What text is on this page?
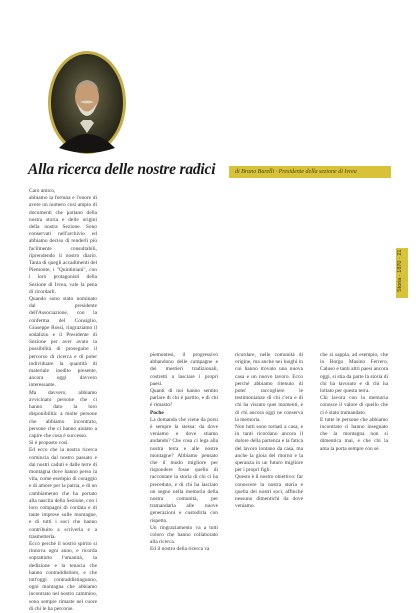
Alla ricerca delle nostre radici	di Bruno Barelli · Presidente della sezione di Ivrea
Storia · 1870 · 21

Caro amico,

abbiamo la fortuna e l'onore di avere un numero così ampio di documenti che parlano della nostra storia e delle origini della nostra Sezione. Sono conservati nell'archivio ed abbiamo deciso di renderli più facilmente consultabili, riprendendo il nostro diario. Tanta di quegli accadimenti del Piemonte, i "Quintiniani", con i loro protagonisti della Sezione di Ivrea, vale la pena di ricordarli.

Quando sono stato nominato dal presidente dell'Associazione, con la conferma del Consiglio, Giuseppe Rossi, ringraziamo il sodalizio e il Presidente di Sezione per aver avuto la possibilità di proseguire il percorso di ricerca e di poter individuare la quantità di materiale inedito presente, ancora oggi davvero interessante.

Ma davvero, abbiamo avvicinato persone che ci hanno dato la loro disponibilità: a molte persone che abbiamo incontrato, persone che ci hanno aiutato a capire che cosa è successo.

Si è proposto così.

Ed ecco che la nostra ricerca comincia dal nostro passato e dai nostri caduti e dalle terre di montagna dove hanno perso la vita, come esempio di coraggio e di amore per la patria, e di un cambiamento che ha portato alla nascita della Sezione, con i loro compagni di cordata e di tante imprese sulle montagne, e di tutti i soci che hanno contribuito a scriverla e a trasmetterla.

Ecco perché il nostro spirito si rinnova ogni anno, e ricorda soprattutto l'umanità, la dedizione e la tenacia che hanno contraddistinto, e che tutt'oggi contraddistinguono, ogni montagna che abbiamo incontrato nel nostro cammino, sono sempre rimaste nel cuore di chi le ha percorse.

piemontesi, il progressivo abbandono delle campagne e dei mestieri tradizionali, costretti a lasciare i propri paesi.

Quanti di noi hanno sentito parlare di chi è partito, e di chi è rimasto?

Poche

La domanda che viene da porsi è sempre la stessa: da dove veniamo e dove stiamo andando? Che cosa ci lega alla nostra terra e alle nostre montagne? Abbiamo pensato che il modo migliore per rispondere fosse quello di raccontare la storia di chi ci ha preceduto, e di chi ha lasciato un segno nella memoria della nostra comunità, per tramandarla alle nuove generazioni e custodirla con rispetto.

Un ringraziamento va a tutti coloro che hanno collaborato alla ricerca.

Ed il nostro della ricerca va

ricordare, nelle comunità di origine, ma anche nei luoghi in cui hanno trovato una nuova casa e un nuovo lavoro. Ecco perché abbiamo ritenuto di poter raccogliere le testimonianze di chi c'era e di chi ha vissuto quei momenti, e di chi ancora oggi ne conserva la memoria.

Non tutti sono tornati a casa, e in tanti ricordano ancora il dolore della partenza e la fatica del lavoro lontano da casa, ma anche la gioia del ritorno e la speranza in un futuro migliore per i propri figli.

Questo è il nostro obiettivo: far conoscere la nostra storia e quella dei nostri soci, affinché nessuno dimentichi da dove veniamo.

che si sappia, ad esempio, che in Borgo Masino Ferrero, Caluso e tanti altri paesi ancora oggi, si stia da parte la storia di chi ha lavorato e di chi ha lottato per questa terra.

Chi lavora con la memoria conosce il valore di quello che ci è stato tramandato.

E tutte le persone che abbiamo incontrato ci hanno insegnato che la montagna non si dimentica mai, e che chi la ama la porta sempre con sé.
